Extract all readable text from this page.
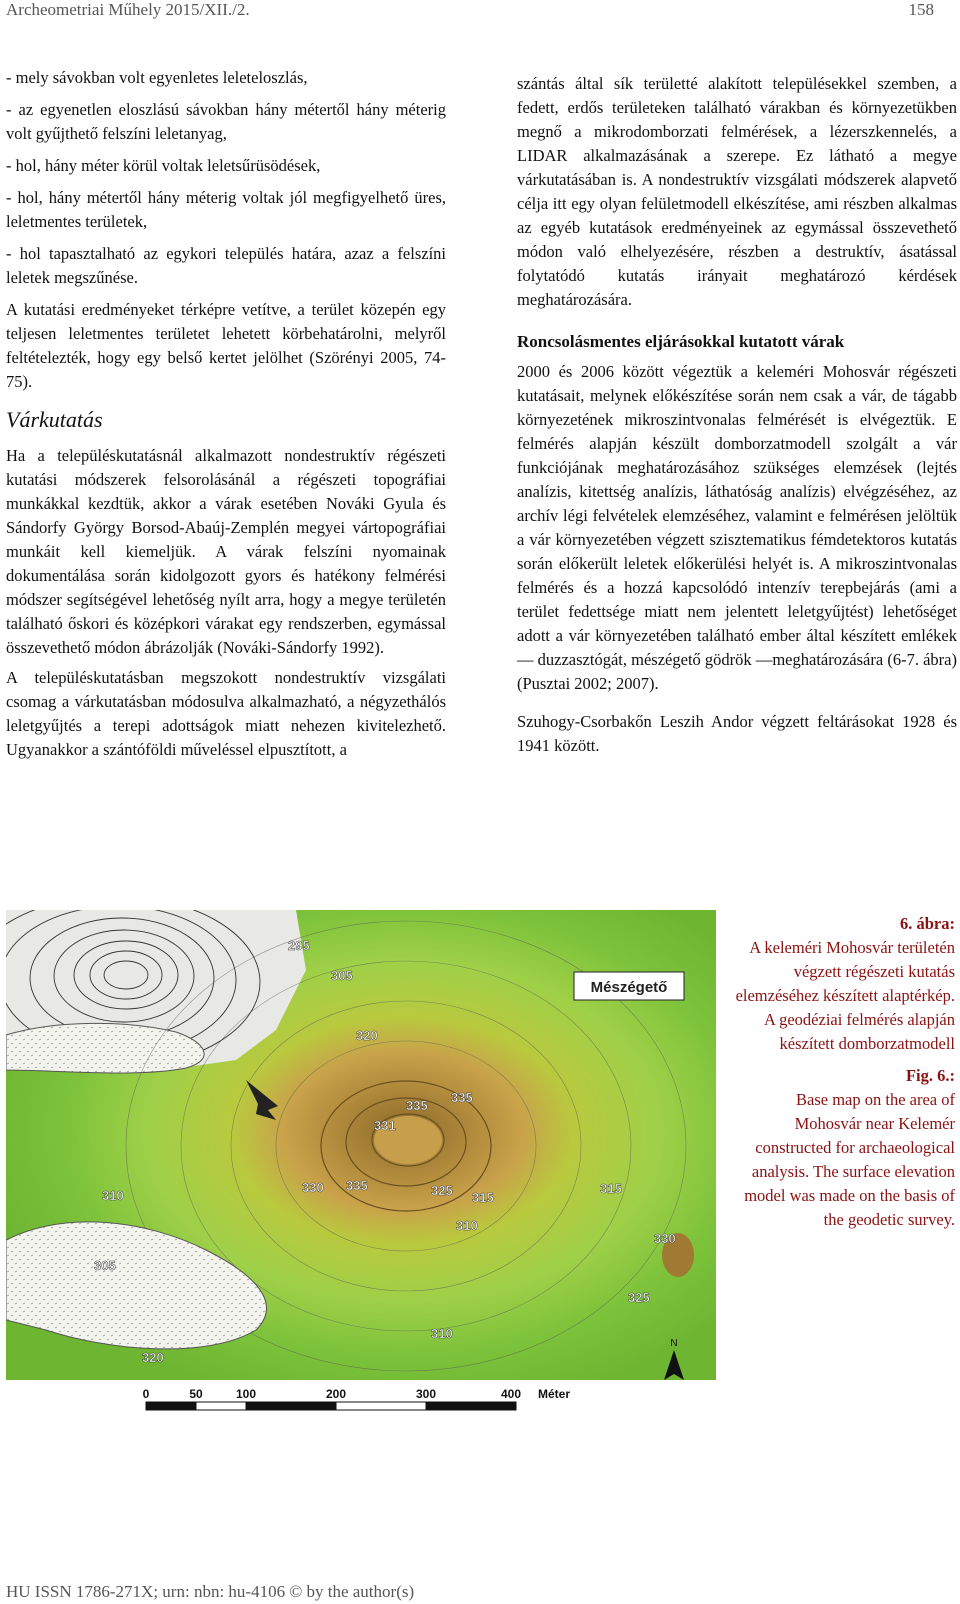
Archeometriai Műhely 2015/XII./2.	158

- mely sávokban volt egyenletes leleteloszlás,

- az egyenetlen eloszlású sávokban hány métertől hány méterig volt gyűjthető felszíni leletanyag,

- hol, hány méter körül voltak leletsűrüsödések,

- hol, hány métertől hány méterig voltak jól megfigyelhető üres, leletmentes területek,

- hol tapasztalható az egykori település határa, azaz a felszíni leletek megszűnése.

A kutatási eredményeket térképre vetítve, a terület közepén egy teljesen leletmentes területet lehetett körbehatárolni, melyről feltételezték, hogy egy belső kertet jelölhet (Szörényi 2005, 74-75).

Várkutatás

Ha a településkutatásnál alkalmazott nondestruktív régészeti kutatási módszerek felsorolásánál a régészeti topográfiai munkákkal kezdtük, akkor a várak esetében Nováki Gyula és Sándorfy György Borsod-Abaúj-Zemplén megyei vártopográfiai munkáit kell kiemeljük. A várak felszíni nyomainak dokumentálása során kidolgozott gyors és hatékony felmérési módszer segítségével lehetőség nyílt arra, hogy a megye területén található őskori és középkori várakat egy rendszerben, egymással összevethető módon ábrázolják (Nováki-Sándorfy 1992).

A településkutatásban megszokott nondestruktív vizsgálati csomag a várkutatásban módosulva alkalmazható, a négyzethálós leletgyűjtés a terepi adottságok miatt nehezen kivitelezhető. Ugyanakkor a szántóföldi műveléssel elpusztított, a

szántás által sík területté alakított településekkel szemben, a fedett, erdős területeken található várakban és környezetükben megnő a mikrodomborzati felmérések, a lézerszkennelés, a LIDAR alkalmazásának a szerepe. Ez látható a megye várkutatásában is. A nondestruktív vizsgálati módszerek alapvető célja itt egy olyan felületmodell elkészítése, ami részben alkalmas az egyéb kutatások eredményeinek az egymással összevethető módon való elhelyezésére, részben a destruktív, ásatással folytatódó kutatás irányait meghatározó kérdések meghatározására.

Roncsolásmentes eljárásokkal kutatott várak

2000 és 2006 között végeztük a keleméri Mohosvár régészeti kutatásait, melynek előkészítése során nem csak a vár, de tágabb környezetének mikroszintvonalas felmérését is elvégeztük. E felmérés alapján készült domborzatmodell szolgált a vár funkciójának meghatározásához szükséges elemzések (lejtés analízis, kitettség analízis, láthatóság analízis) elvégzéséhez, az archív légi felvételek elemzéséhez, valamint e felmérésen jelöltük a vár környezetében végzett szisztematikus fémdetektoros kutatás során előkerült leletek előkerülési helyét is. A mikroszintvonalas felmérés és a hozzá kapcsolódó intenzív terepbejárás (ami a terület fedettsége miatt nem jelentett leletgyűjtést) lehetőséget adott a vár környezetében található ember által készített emlékek — duzzasztógát, mészégető gödrök —meghatározására (6-7. ábra) (Pusztai 2002; 2007).

Szuhogy-Csorbakőn Leszih Andor végzett feltárásokat 1928 és 1941 között.

Mészégető
295
305
320
331
335
335
310
330 335	325 315
310
315
330
305
320
310
325
N
0	50	100	200	300	400 Méter
6. ábra:
A keleméri Mohosvár területén végzett régészeti kutatás elemzéséhez készített alaptérkép. A geodéziai felmérés alapján készített domborzatmodell
Fig. 6.:
Base map on the area of Mohosvár near Kelemér constructed for archaeological analysis. The surface elevation model was made on the basis of the geodetic survey.
HU ISSN 1786-271X; urn: nbn: hu-4106 © by the author(s)
